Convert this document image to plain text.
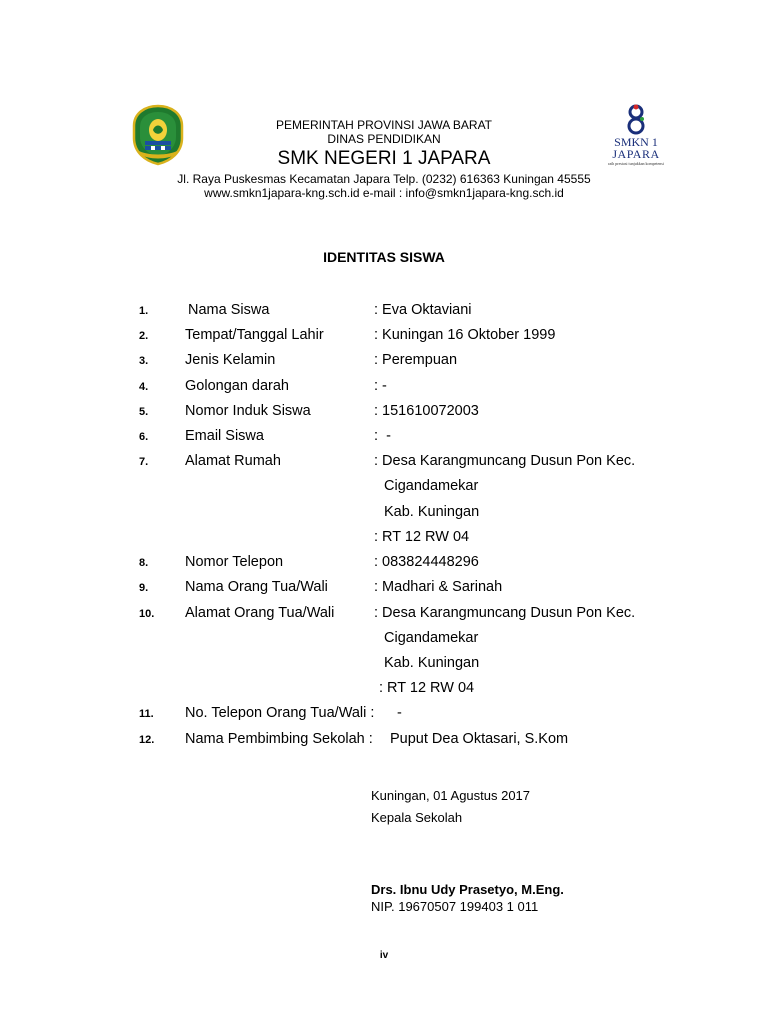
SMKN 1
JAPARA
raih prestasi tunjukkan kompetensi
PEMERINTAH PROVINSI JAWA BARAT
DINAS PENDIDIKAN
SMK NEGERI 1 JAPARA
Jl. Raya Puskesmas Kecamatan Japara Telp. (0232) 616363 Kuningan 45555
www.smkn1japara-kng.sch.id e-mail : info@smkn1japara-kng.sch.id
IDENTITAS SISWA
1.	Nama Siswa	: Eva Oktaviani
2.	Tempat/Tanggal Lahir	: Kuningan 16 Oktober 1999
3.	Jenis Kelamin	: Perempuan
4.	Golongan darah	: -
5.	Nomor Induk Siswa	: 151610072003
6.	Email Siswa	:  -
7.	Alamat Rumah	: Desa Karangmuncang Dusun Pon Kec.
Cigandamekar
Kab. Kuningan
: RT 12 RW 04
8.	Nomor Telepon	: 083824448296
9.	Nama Orang Tua/Wali	: Madhari & Sarinah
10. Alamat Orang Tua/Wali	: Desa Karangmuncang Dusun Pon Kec.
Cigandamekar
Kab. Kuningan
: RT 12 RW 04
11. No. Telepon Orang Tua/Wali : -
12. Nama Pembimbing Sekolah : Puput Dea Oktasari, S.Kom
Kuningan, 01 Agustus 2017
Kepala Sekolah
Drs. Ibnu Udy Prasetyo, M.Eng.
NIP. 19670507 199403 1 011
iv
